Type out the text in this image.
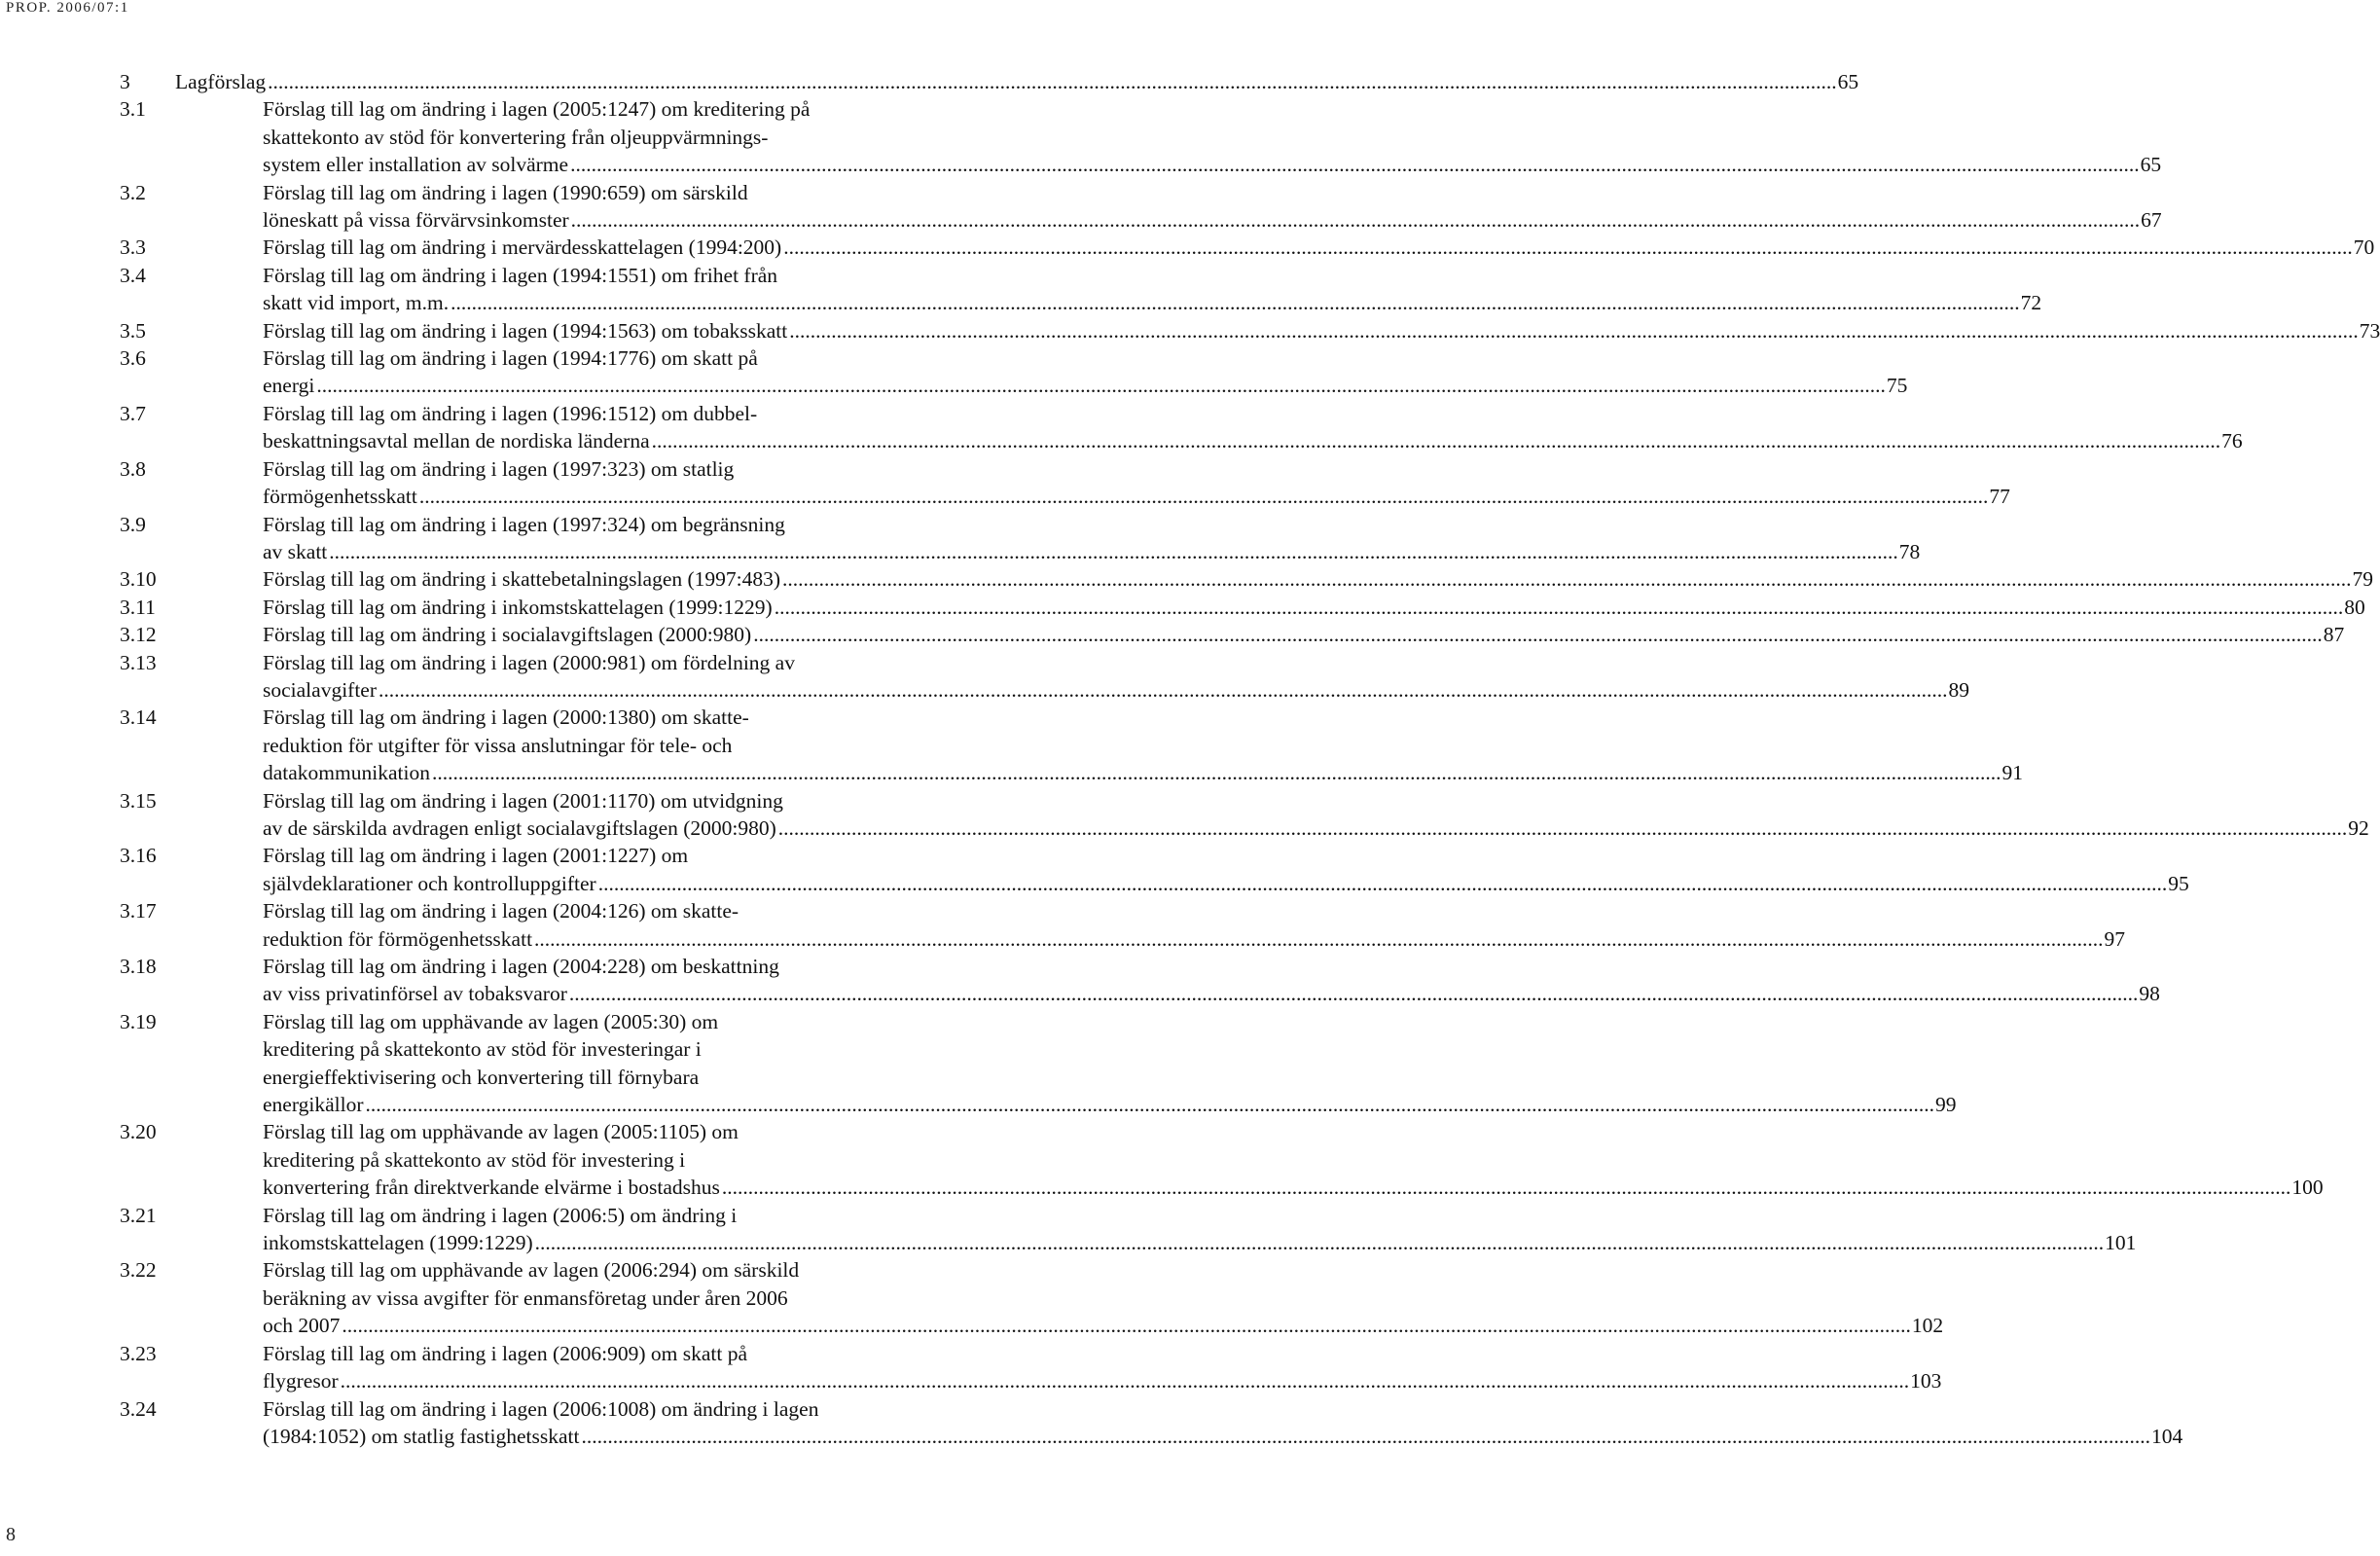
PROP. 2006/07:1
3 Lagförslag ............................................................................................................................................................................................................................................................................................................ 65
3.1	Förslag till lag om ändring i lagen (2005:1247) om kreditering på
skattekonto av stöd för konvertering från oljeuppvärmnings-
system eller installation av solvärme ............................................................................................................................................................................................................................................................................................................ 65
3.2	Förslag till lag om ändring i lagen (1990:659) om särskild
löneskatt på vissa förvärvsinkomster ............................................................................................................................................................................................................................................................................................................ 67
3.3	Förslag till lag om ändring i mervärdesskattelagen (1994:200) ............................................................................................................................................................................................................................................................................................................ 70
3.4	Förslag till lag om ändring i lagen (1994:1551) om frihet från
skatt vid import, m.m. ............................................................................................................................................................................................................................................................................................................ 72
3.5	Förslag till lag om ändring i lagen (1994:1563) om tobaksskatt ............................................................................................................................................................................................................................................................................................................ 73
3.6	Förslag till lag om ändring i lagen (1994:1776) om skatt på
energi ............................................................................................................................................................................................................................................................................................................ 75
3.7	Förslag till lag om ändring i lagen (1996:1512) om dubbel-
beskattningsavtal mellan de nordiska länderna ............................................................................................................................................................................................................................................................................................................ 76
3.8	Förslag till lag om ändring i lagen (1997:323) om statlig
förmögenhetsskatt ............................................................................................................................................................................................................................................................................................................ 77
3.9	Förslag till lag om ändring i lagen (1997:324) om begränsning
av skatt ............................................................................................................................................................................................................................................................................................................ 78
3.10	Förslag till lag om ändring i skattebetalningslagen (1997:483) ............................................................................................................................................................................................................................................................................................................ 79
3.11	Förslag till lag om ändring i inkomstskattelagen (1999:1229) ............................................................................................................................................................................................................................................................................................................ 80
3.12	Förslag till lag om ändring i socialavgiftslagen (2000:980) ............................................................................................................................................................................................................................................................................................................ 87
3.13	Förslag till lag om ändring i lagen (2000:981) om fördelning av
socialavgifter ............................................................................................................................................................................................................................................................................................................ 89
3.14	Förslag till lag om ändring i lagen (2000:1380) om skatte-
reduktion för utgifter för vissa anslutningar för tele- och
datakommunikation ............................................................................................................................................................................................................................................................................................................ 91
3.15	Förslag till lag om ändring i lagen (2001:1170) om utvidgning
av de särskilda avdragen enligt socialavgiftslagen (2000:980) ............................................................................................................................................................................................................................................................................................................ 92
3.16	Förslag till lag om ändring i lagen (2001:1227) om
självdeklarationer och kontrolluppgifter ............................................................................................................................................................................................................................................................................................................ 95
3.17	Förslag till lag om ändring i lagen (2004:126) om skatte-
reduktion för förmögenhetsskatt ............................................................................................................................................................................................................................................................................................................ 97
3.18	Förslag till lag om ändring i lagen (2004:228) om beskattning
av viss privatinförsel av tobaksvaror ............................................................................................................................................................................................................................................................................................................ 98
3.19	Förslag till lag om upphävande av lagen (2005:30) om
kreditering på skattekonto av stöd för investeringar i
energieffektivisering och konvertering till förnybara
energikällor ............................................................................................................................................................................................................................................................................................................ 99
3.20	Förslag till lag om upphävande av lagen (2005:1105) om
kreditering på skattekonto av stöd för investering i
konvertering från direktverkande elvärme i bostadshus ............................................................................................................................................................................................................................................................................................................ 100
3.21	Förslag till lag om ändring i lagen (2006:5) om ändring i
inkomstskattelagen (1999:1229) ............................................................................................................................................................................................................................................................................................................ 101
3.22	Förslag till lag om upphävande av lagen (2006:294) om särskild
beräkning av vissa avgifter för enmansföretag under åren 2006
och 2007 ............................................................................................................................................................................................................................................................................................................ 102
3.23	Förslag till lag om ändring i lagen (2006:909) om skatt på
flygresor ............................................................................................................................................................................................................................................................................................................ 103
3.24	Förslag till lag om ändring i lagen (2006:1008) om ändring i lagen
(1984:1052) om statlig fastighetsskatt ............................................................................................................................................................................................................................................................................................................ 104
8
